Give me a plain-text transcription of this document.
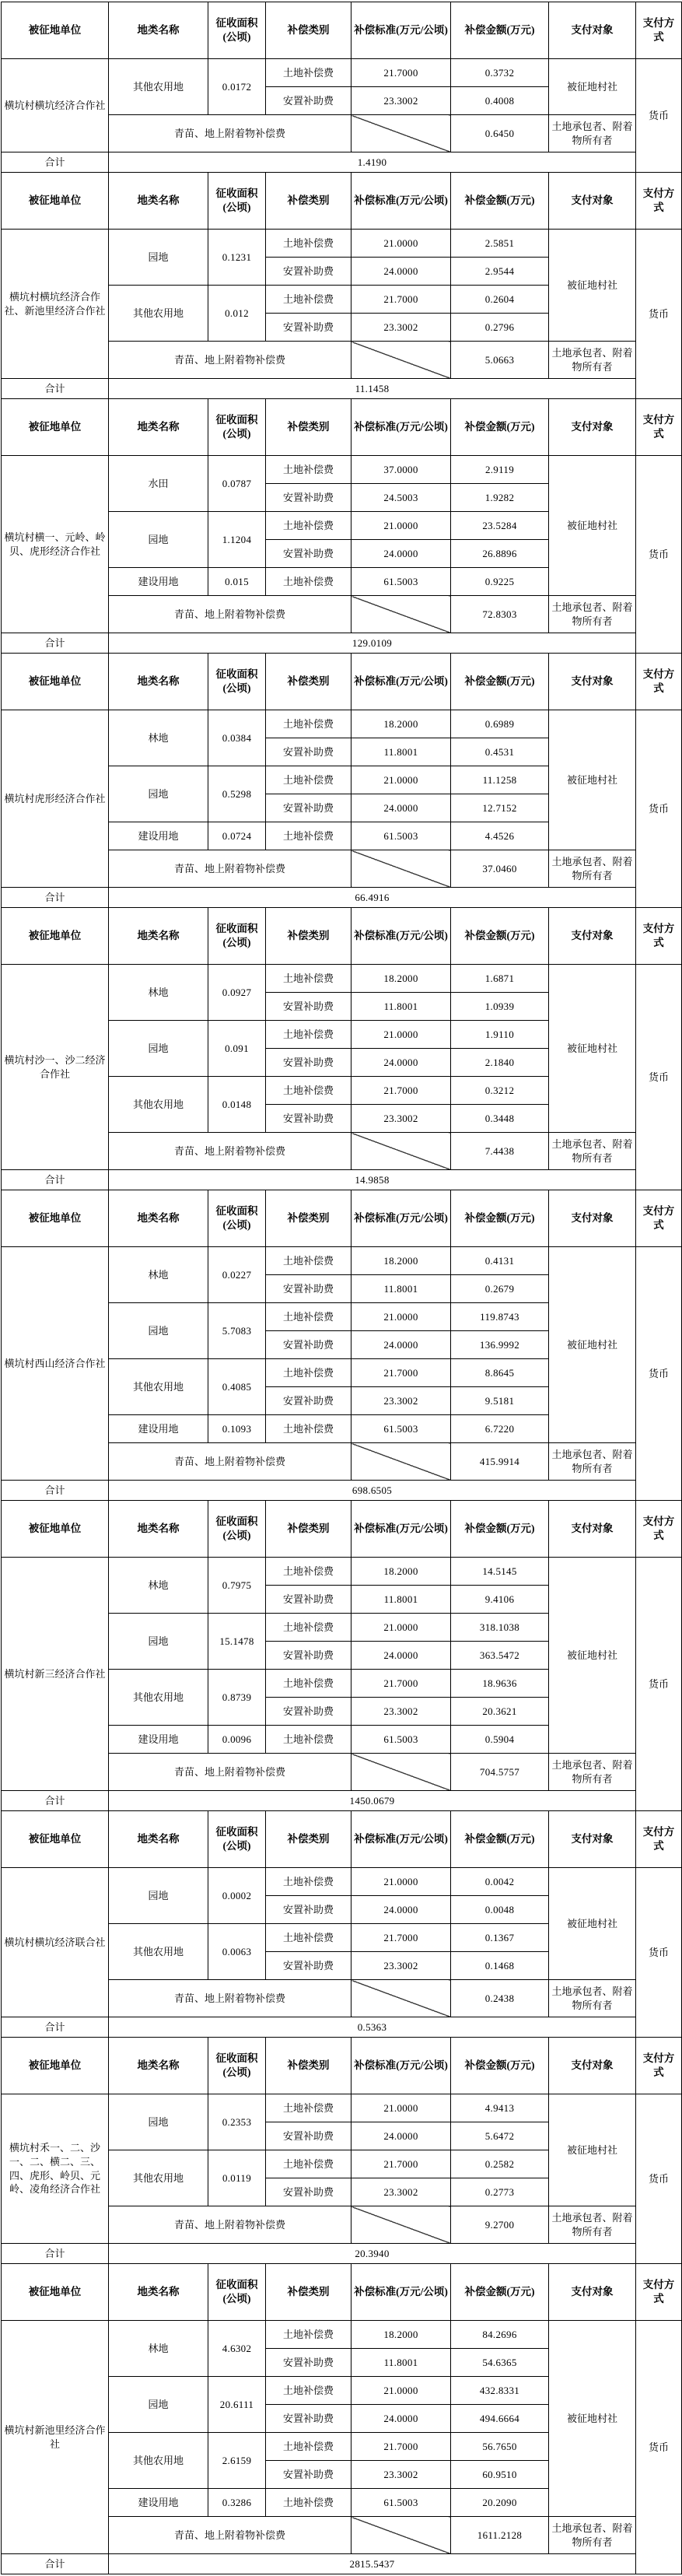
被征地单位	地类名称	征收面积(公顷)	补偿类别	补偿标准(万元/公顷)	补偿金额(万元)	支付对象	支付方式
横坑村横坑经济合作社	其他农用地	0.0172	土地补偿费	21.7000	0.3732	被征地村社	货币
			安置补助费	23.3002	0.4008		
	青苗、地上附着物补偿费				0.6450	土地承包者、附着物所有者	
合计	1.4190						
被征地单位	地类名称	征收面积(公顷)	补偿类别	补偿标准(万元/公顷)	补偿金额(万元)	支付对象	支付方式
横坑村横坑经济合作社、新池里经济合作社	园地	0.1231	土地补偿费	21.0000	2.5851	被征地村社	货币
			安置补助费	24.0000	2.9544		
	其他农用地	0.012	土地补偿费	21.7000	0.2604		
			安置补助费	23.3002	0.2796		
	青苗、地上附着物补偿费				5.0663	土地承包者、附着物所有者	
合计	11.1458						
被征地单位	地类名称	征收面积(公顷)	补偿类别	补偿标准(万元/公顷)	补偿金额(万元)	支付对象	支付方式
横坑村横一、元岭、岭贝、虎形经济合作社	水田	0.0787	土地补偿费	37.0000	2.9119	被征地村社	货币
			安置补助费	24.5003	1.9282		
	园地	1.1204	土地补偿费	21.0000	23.5284		
			安置补助费	24.0000	26.8896		
	建设用地	0.015	土地补偿费	61.5003	0.9225		
	青苗、地上附着物补偿费				72.8303	土地承包者、附着物所有者	
合计	129.0109						
被征地单位	地类名称	征收面积(公顷)	补偿类别	补偿标准(万元/公顷)	补偿金额(万元)	支付对象	支付方式
横坑村虎形经济合作社	林地	0.0384	土地补偿费	18.2000	0.6989	被征地村社	货币
			安置补助费	11.8001	0.4531		
	园地	0.5298	土地补偿费	21.0000	11.1258		
			安置补助费	24.0000	12.7152		
	建设用地	0.0724	土地补偿费	61.5003	4.4526		
	青苗、地上附着物补偿费				37.0460	土地承包者、附着物所有者	
合计	66.4916						
被征地单位	地类名称	征收面积(公顷)	补偿类别	补偿标准(万元/公顷)	补偿金额(万元)	支付对象	支付方式
横坑村沙一、沙二经济合作社	林地	0.0927	土地补偿费	18.2000	1.6871	被征地村社	货币
			安置补助费	11.8001	1.0939		
	园地	0.091	土地补偿费	21.0000	1.9110		
			安置补助费	24.0000	2.1840		
	其他农用地	0.0148	土地补偿费	21.7000	0.3212		
			安置补助费	23.3002	0.3448		
	青苗、地上附着物补偿费				7.4438	土地承包者、附着物所有者	
合计	14.9858						
被征地单位	地类名称	征收面积(公顷)	补偿类别	补偿标准(万元/公顷)	补偿金额(万元)	支付对象	支付方式
横坑村西山经济合作社	林地	0.0227	土地补偿费	18.2000	0.4131	被征地村社	货币
			安置补助费	11.8001	0.2679		
	园地	5.7083	土地补偿费	21.0000	119.8743		
			安置补助费	24.0000	136.9992		
	其他农用地	0.4085	土地补偿费	21.7000	8.8645		
			安置补助费	23.3002	9.5181		
	建设用地	0.1093	土地补偿费	61.5003	6.7220		
	青苗、地上附着物补偿费				415.9914	土地承包者、附着物所有者	
合计	698.6505						
被征地单位	地类名称	征收面积(公顷)	补偿类别	补偿标准(万元/公顷)	补偿金额(万元)	支付对象	支付方式
横坑村新三经济合作社	林地	0.7975	土地补偿费	18.2000	14.5145	被征地村社	货币
			安置补助费	11.8001	9.4106		
	园地	15.1478	土地补偿费	21.0000	318.1038		
			安置补助费	24.0000	363.5472		
	其他农用地	0.8739	土地补偿费	21.7000	18.9636		
			安置补助费	23.3002	20.3621		
	建设用地	0.0096	土地补偿费	61.5003	0.5904		
	青苗、地上附着物补偿费				704.5757	土地承包者、附着物所有者	
合计	1450.0679						
被征地单位	地类名称	征收面积(公顷)	补偿类别	补偿标准(万元/公顷)	补偿金额(万元)	支付对象	支付方式
横坑村横坑经济联合社	园地	0.0002	土地补偿费	21.0000	0.0042	被征地村社	货币
			安置补助费	24.0000	0.0048		
	其他农用地	0.0063	土地补偿费	21.7000	0.1367		
			安置补助费	23.3002	0.1468		
	青苗、地上附着物补偿费				0.2438	土地承包者、附着物所有者	
合计	0.5363						
被征地单位	地类名称	征收面积(公顷)	补偿类别	补偿标准(万元/公顷)	补偿金额(万元)	支付对象	支付方式
横坑村禾一、二、沙一、二、横二、三、四、虎形、岭贝、元岭、凌角经济合作社	园地	0.2353	土地补偿费	21.0000	4.9413	被征地村社	货币
			安置补助费	24.0000	5.6472		
	其他农用地	0.0119	土地补偿费	21.7000	0.2582		
			安置补助费	23.3002	0.2773		
	青苗、地上附着物补偿费				9.2700	土地承包者、附着物所有者	
合计	20.3940						
被征地单位	地类名称	征收面积(公顷)	补偿类别	补偿标准(万元/公顷)	补偿金额(万元)	支付对象	支付方式
横坑村新池里经济合作社	林地	4.6302	土地补偿费	18.2000	84.2696	被征地村社	货币
			安置补助费	11.8001	54.6365		
	园地	20.6111	土地补偿费	21.0000	432.8331		
			安置补助费	24.0000	494.6664		
	其他农用地	2.6159	土地补偿费	21.7000	56.7650		
			安置补助费	23.3002	60.9510		
	建设用地	0.3286	土地补偿费	61.5003	20.2090		
	青苗、地上附着物补偿费				1611.2128	土地承包者、附着物所有者	
合计	2815.5437						
